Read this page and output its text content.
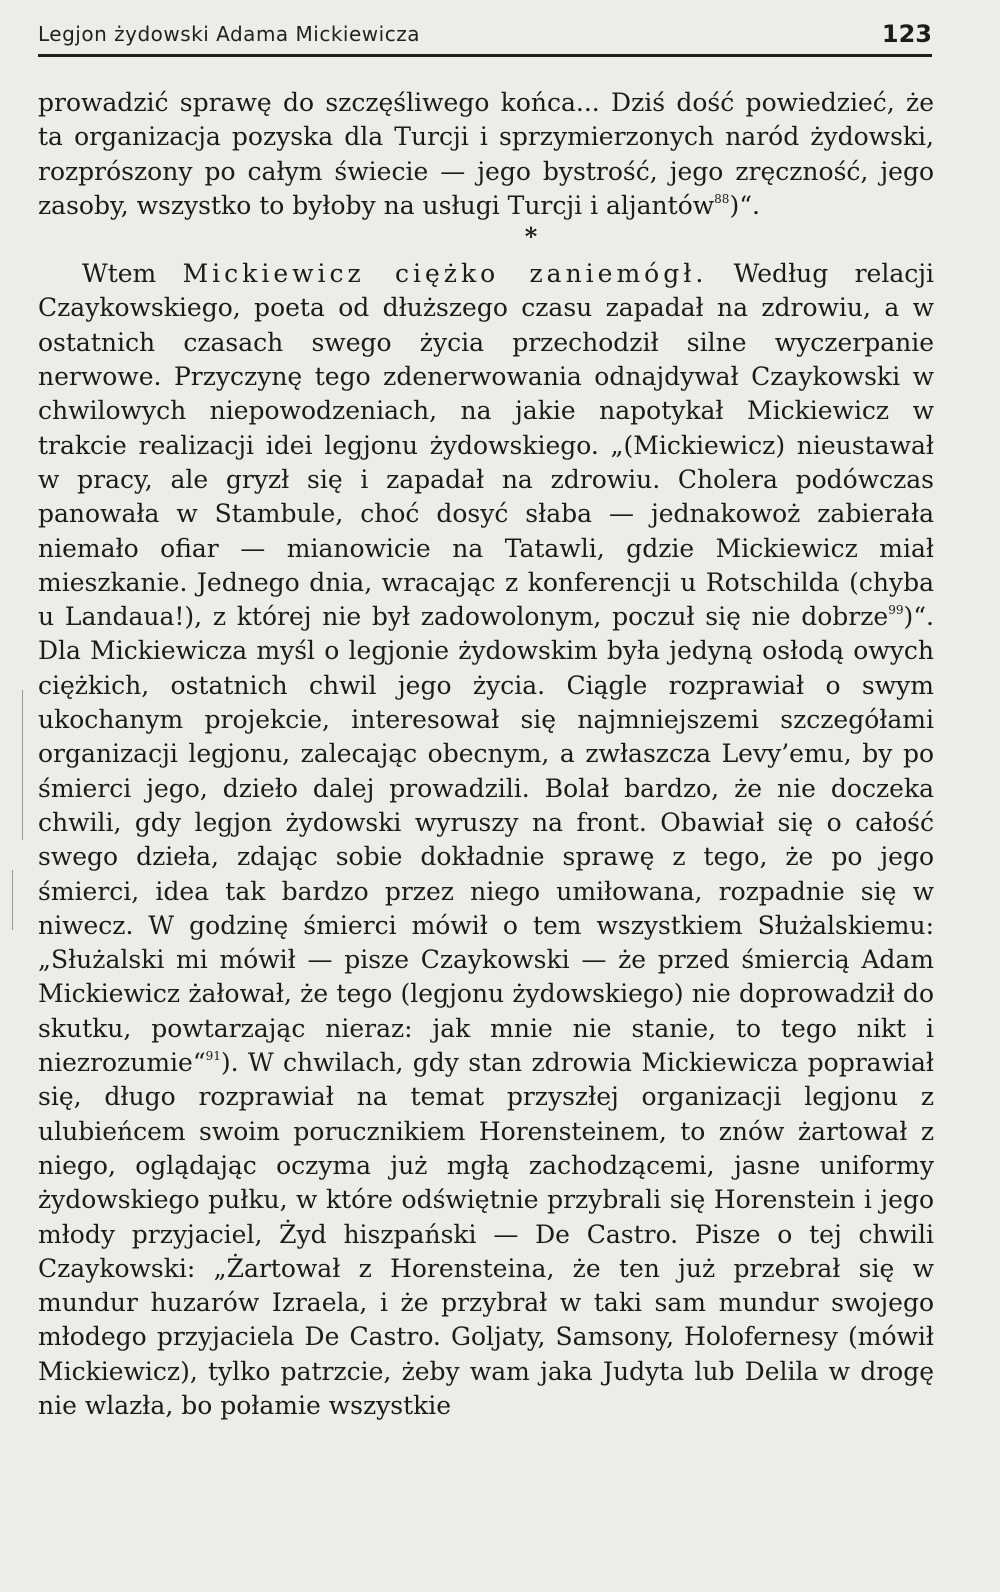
Legjon żydowski Adama Mickiewicza	123

prowadzić sprawę do szczęśliwego końca... Dziś dość powiedzieć, że ta organizacja pozyska dla Turcji i sprzymierzonych naród żydowski, rozprószony po całym świecie — jego bystrość, jego zręczność, jego zasoby, wszystko to byłoby na usługi Turcji i aljantów$^{88}$)“.

*

Wtem Mickiewicz ciężko zaniemógł. Według relacji Czaykowskiego, poeta od dłuższego czasu zapadał na zdrowiu, a w ostatnich czasach swego życia przechodził silne wyczerpanie nerwowe. Przyczynę tego zdenerwowania odnajdywał Czaykowski w chwilowych niepowodzeniach, na jakie napotykał Mickiewicz w trakcie realizacji idei legjonu żydowskiego. „(Mickiewicz) nieustawał w pracy, ale gryzł się i zapadał na zdrowiu. Cholera podówczas panowała w Stambule, choć dosyć słaba — jednakowoż zabierała niemało ofiar — mianowicie na Tatawli, gdzie Mickiewicz miał mieszkanie. Jednego dnia, wracając z konferencji u Rotschilda (chyba u Landaua!), z której nie był zadowolonym, poczuł się nie dobrze$^{99}$)“. Dla Mickiewicza myśl o legjonie żydowskim była jedyną osłodą owych ciężkich, ostatnich chwil jego życia. Ciągle rozprawiał o swym ukochanym projekcie, interesował się najmniejszemi szczegółami organizacji legjonu, zalecając obecnym, a zwłaszcza Levy’emu, by po śmierci jego, dzieło dalej prowadzili. Bolał bardzo, że nie doczeka chwili, gdy legjon żydowski wyruszy na front. Obawiał się o całość swego dzieła, zdając sobie dokładnie sprawę z tego, że po jego śmierci, idea tak bardzo przez niego umiłowana, rozpadnie się w niwecz. W godzinę śmierci mówił o tem wszystkiem Służalskiemu: „Służalski mi mówił — pisze Czaykowski — że przed śmiercią Adam Mickiewicz żałował, że tego (legjonu żydowskiego) nie doprowadził do skutku, powtarzając nieraz: jak mnie nie stanie, to tego nikt i niezrozumie“$^{91}$). W chwilach, gdy stan zdrowia Mickiewicza poprawiał się, długo rozprawiał na temat przyszłej organizacji legjonu z ulubieńcem swoim porucznikiem Horensteinem, to znów żartował z niego, oglądając oczyma już mgłą zachodzącemi, jasne uniformy żydowskiego pułku, w które odświętnie przybrali się Horenstein i jego młody przyjaciel, Żyd hiszpański — De Castro. Pisze o tej chwili Czaykowski: „Żartował z Horensteina, że ten już przebrał się w mundur huzarów Izraela, i że przybrał w taki sam mundur swojego młodego przyjaciela De Castro. Goljaty, Samsony, Holofernesy (mówił Mickiewicz), tylko patrzcie, żeby wam jaka Judyta lub Delila w drogę nie wlazła, bo połamie wszystkie
